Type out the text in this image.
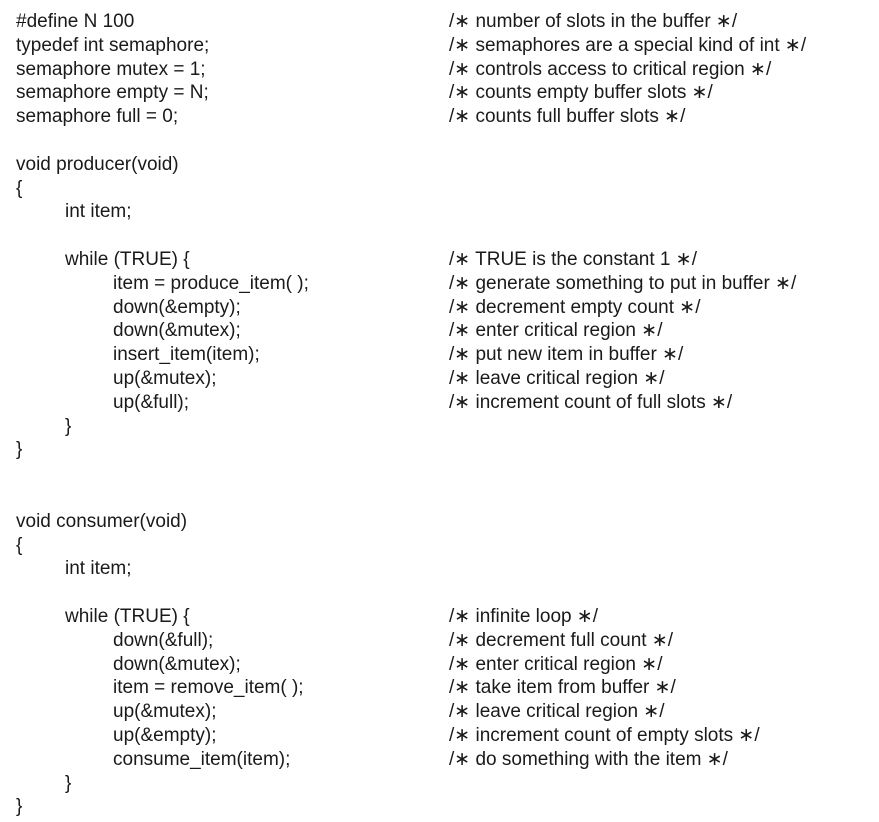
#define N 100	/∗ number of slots in the buffer ∗/
typedef int semaphore;	/∗ semaphores are a special kind of int ∗/
semaphore mutex = 1;	/∗ controls access to critical region ∗/
semaphore empty = N;	/∗ counts empty buffer slots ∗/
semaphore full = 0;	/∗ counts full buffer slots ∗/
void producer(void)
{
int item;
while (TRUE) {	/∗ TRUE is the constant 1 ∗/
item = produce_item( );	/∗ generate something to put in buffer ∗/
down(&empty);	/∗ decrement empty count ∗/
down(&mutex);	/∗ enter critical region ∗/
insert_item(item);	/∗ put new item in buffer ∗/
up(&mutex);	/∗ leave critical region ∗/
up(&full);	/∗ increment count of full slots ∗/
}
}
void consumer(void)
{
int item;
while (TRUE) {	/∗ infinite loop ∗/
down(&full);	/∗ decrement full count ∗/
down(&mutex);	/∗ enter critical region ∗/
item = remove_item( );	/∗ take item from buffer ∗/
up(&mutex);	/∗ leave critical region ∗/
up(&empty);	/∗ increment count of empty slots ∗/
consume_item(item);	/∗ do something with the item ∗/
}
}
